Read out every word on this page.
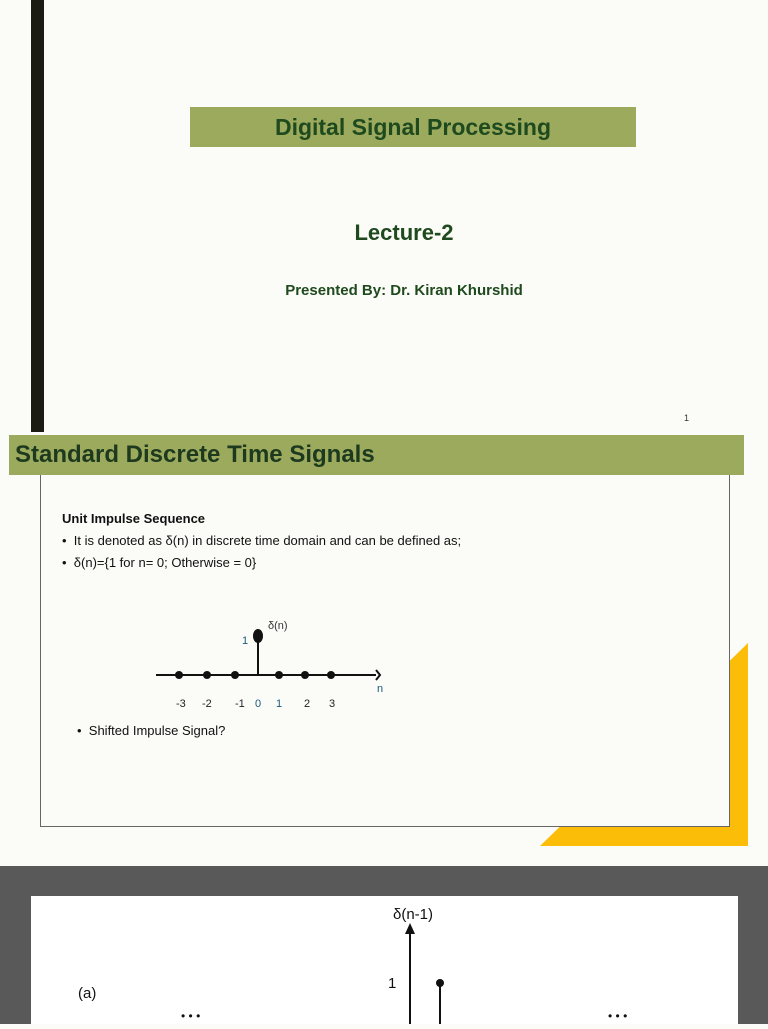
Digital Signal Processing
Lecture-2
Presented By: Dr. Kiran Khurshid
1
Standard Discrete Time Signals
Unit Impulse Sequence
•  It is denoted as δ(n) in discrete time domain and can be defined as;
•  δ(n)={1 for n= 0; Otherwise = 0}
δ(n)
1
n
-3 -2 -1 0 1 2 3
•  Shifted Impulse Signal?
δ(n-1)
1
(a)
• • •	• • •
